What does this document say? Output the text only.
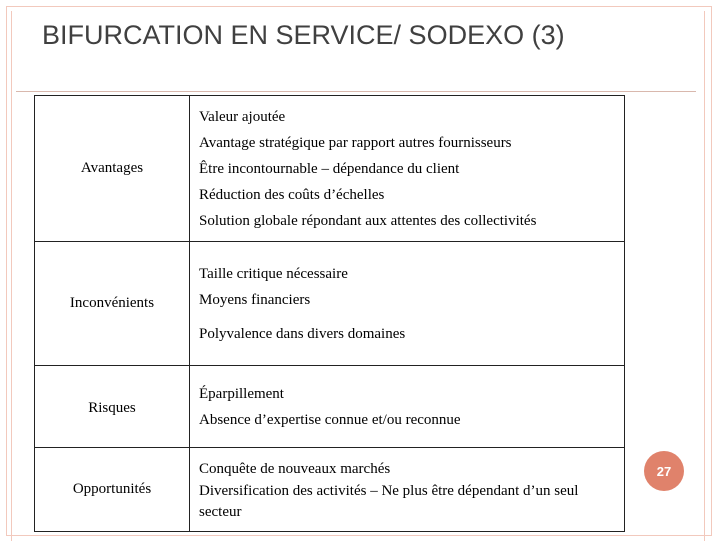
BIFURCATION EN SERVICE/ SODEXO (3)
Avantages	Valeur ajoutée
Avantage stratégique par rapport autres fournisseurs
Être incontournable – dépendance du client
Réduction des coûts d’échelles
Solution globale répondant aux attentes des collectivités

Inconvénients	Taille critique nécessaire
Moyens financiers
Polyvalence dans divers domaines

Risques	Éparpillement
Absence d’expertise connue et/ou reconnue

Opportunités	Conquête de nouveaux marchés
Diversification des activités – Ne plus être dépendant d’un seul secteur
27
